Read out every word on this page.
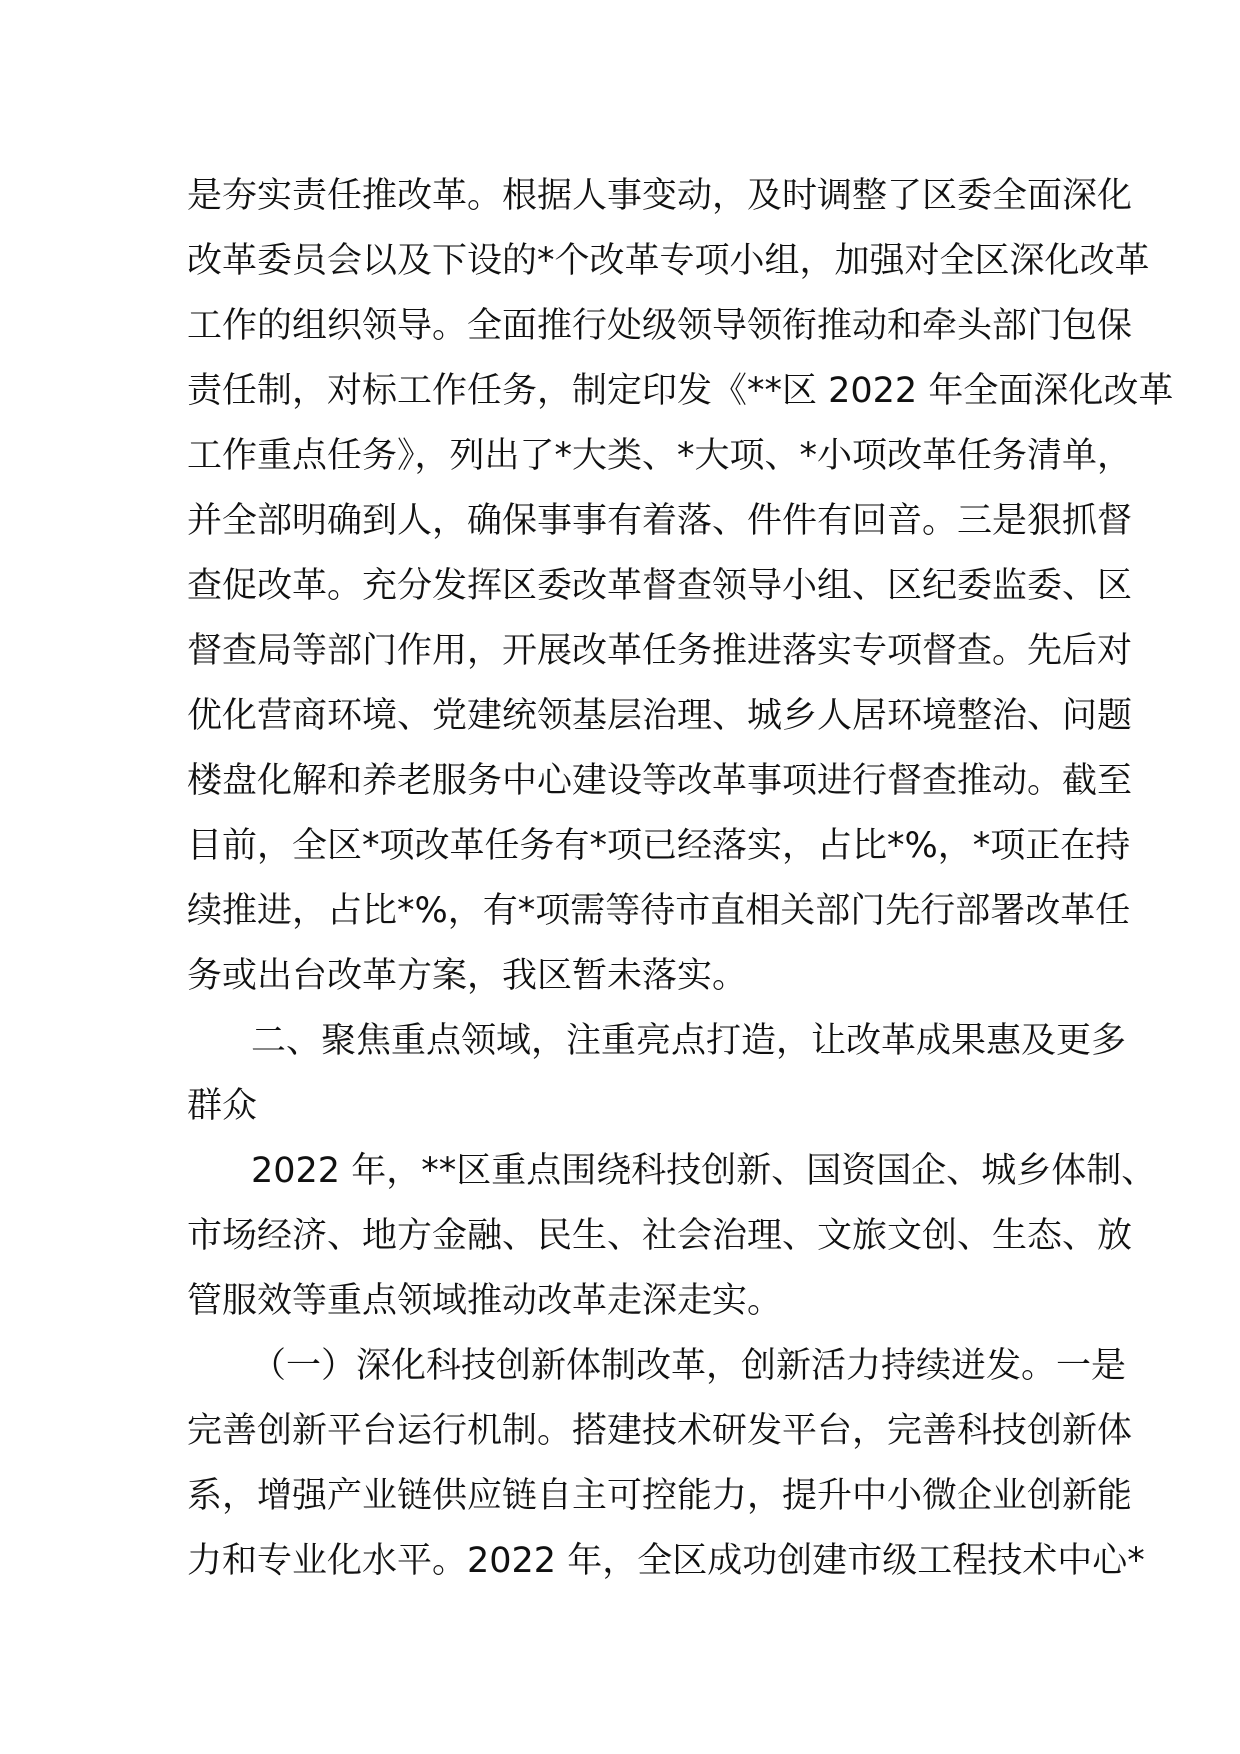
是夯实责任推改革。根据人事变动，及时调整了区委全面深化
改革委员会以及下设的*个改革专项小组，加强对全区深化改革
工作的组织领导。全面推行处级领导领衔推动和牵头部门包保
责任制，对标工作任务，制定印发《**区 2022 年全面深化改革
工作重点任务》，列出了*大类、*大项、*小项改革任务清单，
并全部明确到人，确保事事有着落、件件有回音。三是狠抓督
查促改革。充分发挥区委改革督查领导小组、区纪委监委、区
督查局等部门作用，开展改革任务推进落实专项督查。先后对
优化营商环境、党建统领基层治理、城乡人居环境整治、问题
楼盘化解和养老服务中心建设等改革事项进行督查推动。截至
目前，全区*项改革任务有*项已经落实，占比*%，*项正在持
续推进，占比*%，有*项需等待市直相关部门先行部署改革任
务或出台改革方案，我区暂未落实。
二、聚焦重点领域，注重亮点打造，让改革成果惠及更多
群众
2022 年，**区重点围绕科技创新、国资国企、城乡体制、
市场经济、地方金融、民生、社会治理、文旅文创、生态、放
管服效等重点领域推动改革走深走实。
（一）深化科技创新体制改革，创新活力持续迸发。一是
完善创新平台运行机制。搭建技术研发平台，完善科技创新体
系，增强产业链供应链自主可控能力，提升中小微企业创新能
力和专业化水平。2022 年，全区成功创建市级工程技术中心*
